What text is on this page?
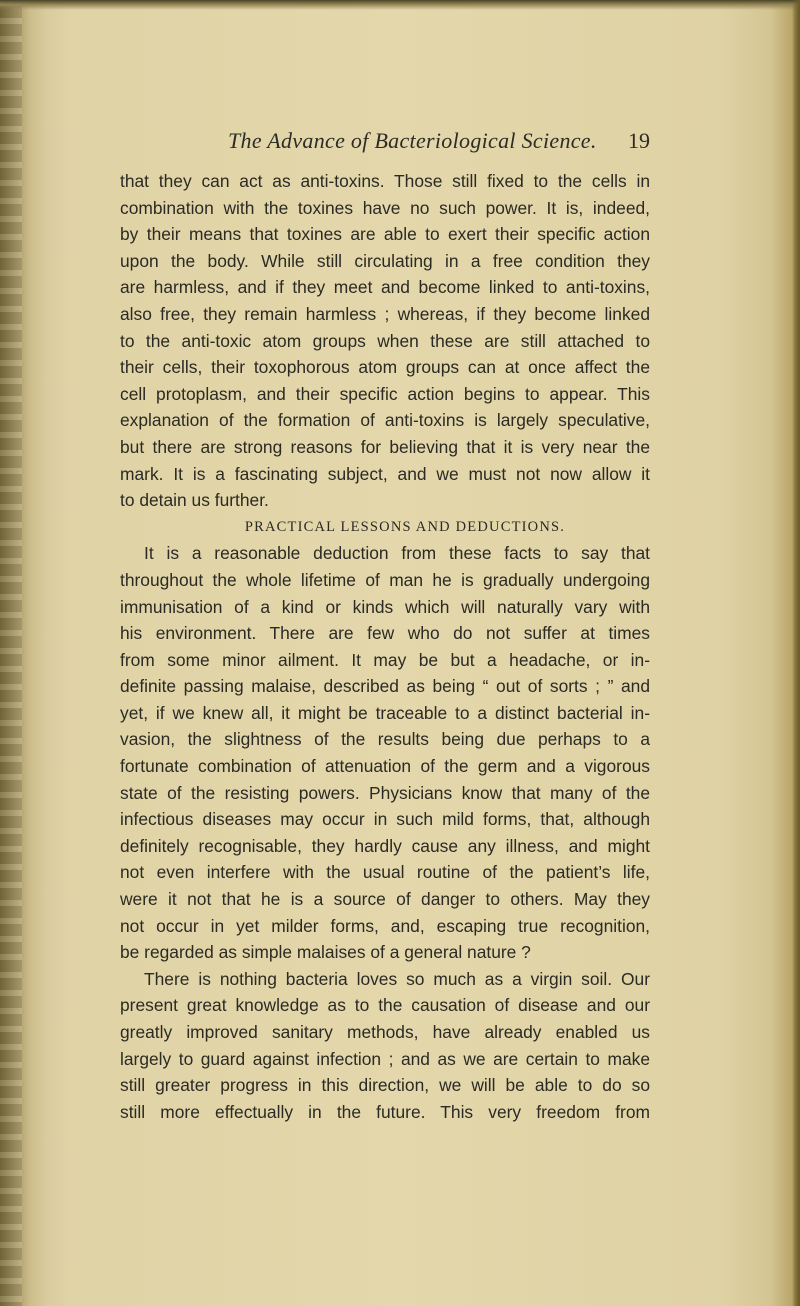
The Advance of Bacteriological Science. 19
that they can act as anti-toxins. Those still fixed to the cells in
combination with the toxines have no such power. It is, indeed,
by their means that toxines are able to exert their specific action
upon the body. While still circulating in a free condition they
are harmless, and if they meet and become linked to anti-toxins,
also free, they remain harmless ; whereas, if they become linked
to the anti-toxic atom groups when these are still attached to
their cells, their toxophorous atom groups can at once affect the
cell protoplasm, and their specific action begins to appear. This
explanation of the formation of anti-toxins is largely speculative,
but there are strong reasons for believing that it is very near the
mark. It is a fascinating subject, and we must not now allow it
to detain us further.
PRACTICAL LESSONS AND DEDUCTIONS.
It is a reasonable deduction from these facts to say that
throughout the whole lifetime of man he is gradually undergoing
immunisation of a kind or kinds which will naturally vary with
his environment. There are few who do not suffer at times
from some minor ailment. It may be but a headache, or in-
definite passing malaise, described as being “ out of sorts ; ” and
yet, if we knew all, it might be traceable to a distinct bacterial in-
vasion, the slightness of the results being due perhaps to a
fortunate combination of attenuation of the germ and a vigorous
state of the resisting powers. Physicians know that many of the
infectious diseases may occur in such mild forms, that, although
definitely recognisable, they hardly cause any illness, and might
not even interfere with the usual routine of the patient’s life,
were it not that he is a source of danger to others. May they
not occur in yet milder forms, and, escaping true recognition,
be regarded as simple malaises of a general nature ?
There is nothing bacteria loves so much as a virgin soil. Our
present great knowledge as to the causation of disease and our
greatly improved sanitary methods, have already enabled us
largely to guard against infection ; and as we are certain to make
still greater progress in this direction, we will be able to do so
still more effectually in the future. This very freedom from
